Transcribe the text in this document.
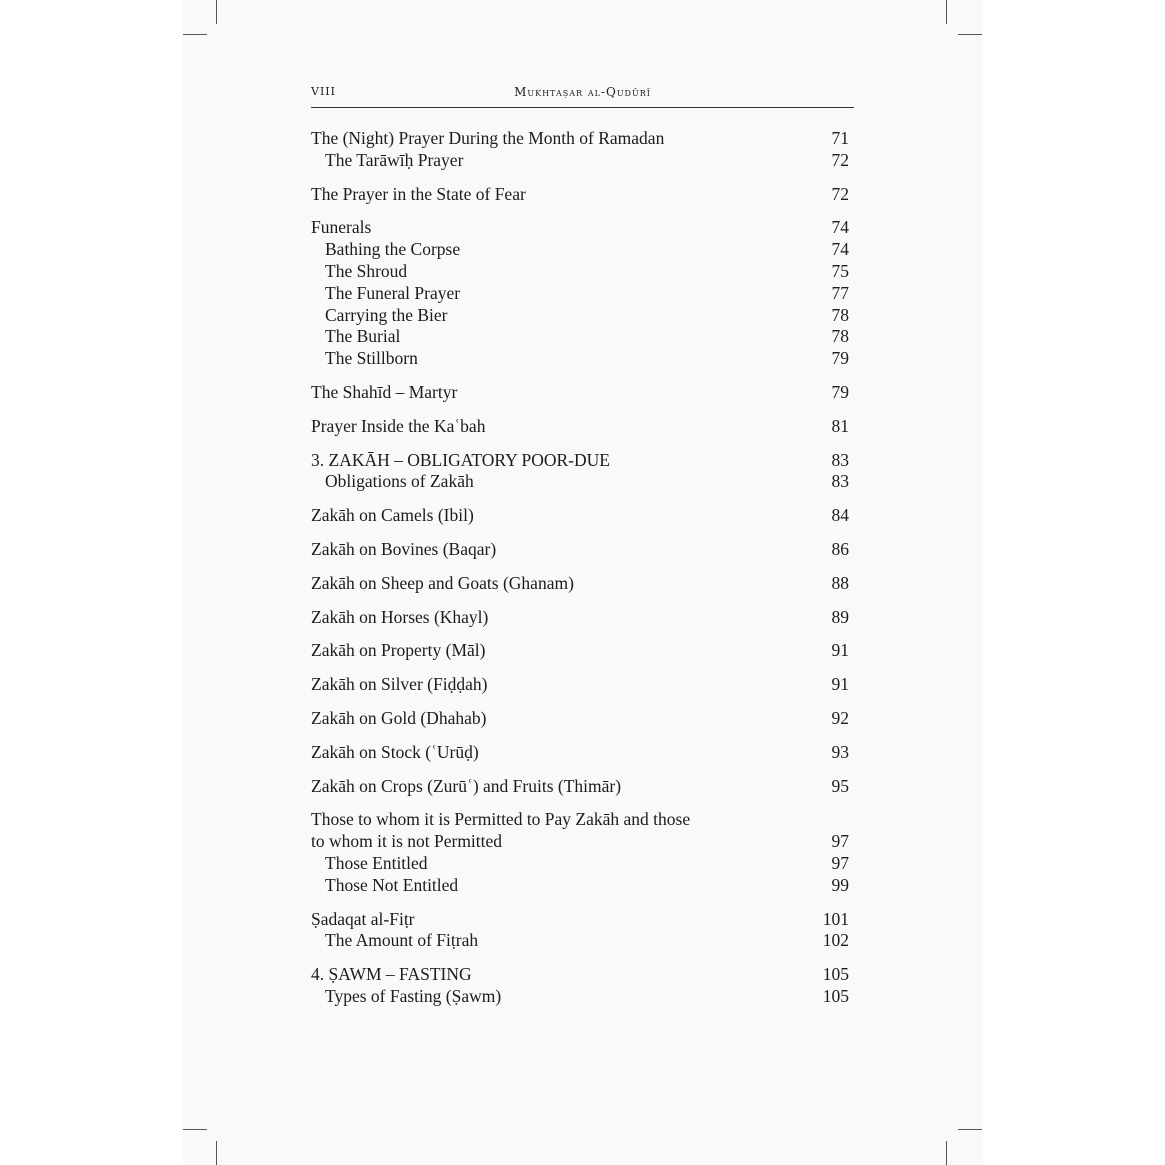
VIII	Mukhtaṣar al-Qudūrī
The (Night) Prayer During the Month of Ramadan	71
The Tarāwīḥ Prayer	72
The Prayer in the State of Fear	72
Funerals	74
Bathing the Corpse	74
The Shroud	75
The Funeral Prayer	77
Carrying the Bier	78
The Burial	78
The Stillborn	79
The Shahīd – Martyr	79
Prayer Inside the Kaʿbah	81
3. ZAKĀH – OBLIGATORY POOR-DUE	83
Obligations of Zakāh	83
Zakāh on Camels (Ibil)	84
Zakāh on Bovines (Baqar)	86
Zakāh on Sheep and Goats (Ghanam)	88
Zakāh on Horses (Khayl)	89
Zakāh on Property (Māl)	91
Zakāh on Silver (Fiḍḍah)	91
Zakāh on Gold (Dhahab)	92
Zakāh on Stock (ʿUrūḍ)	93
Zakāh on Crops (Zurūʿ) and Fruits (Thimār)	95
Those to whom it is Permitted to Pay Zakāh and those
to whom it is not Permitted	97
Those Entitled	97
Those Not Entitled	99
Ṣadaqat al-Fiṭr	101
The Amount of Fiṭrah	102
4. ṢAWM – FASTING	105
Types of Fasting (Ṣawm)	105
